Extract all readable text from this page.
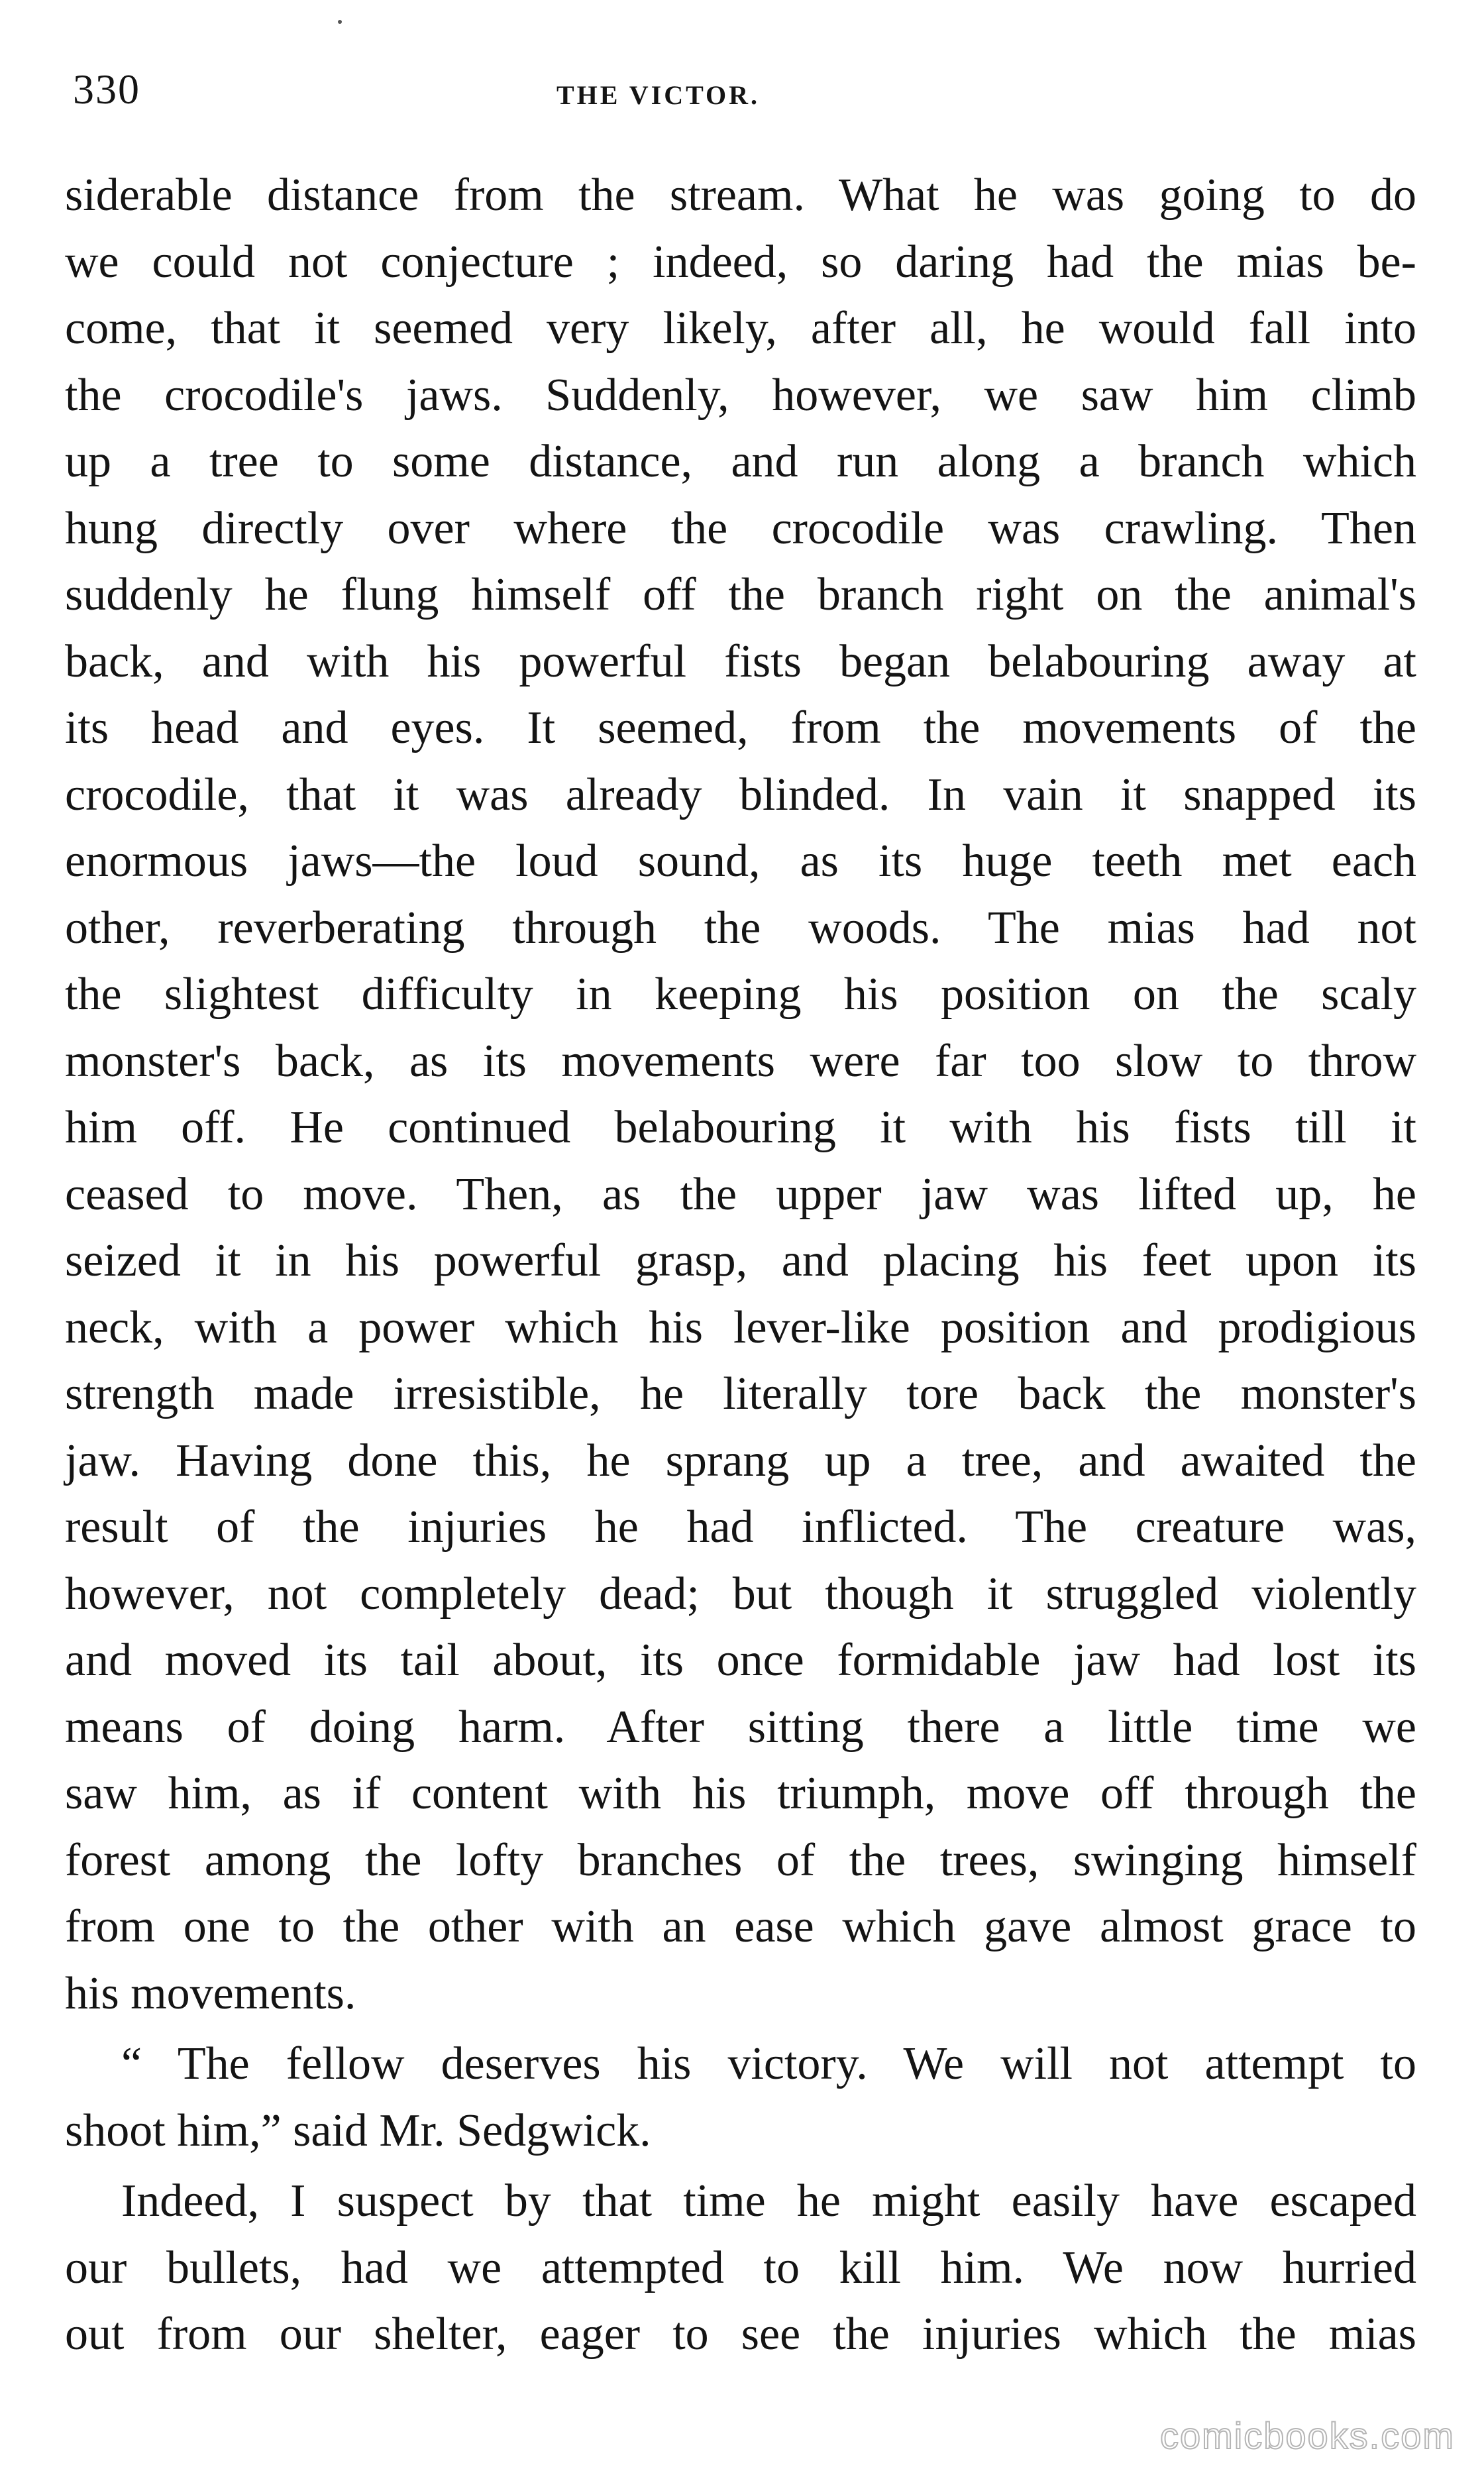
330	THE VICTOR.
siderable distance from the stream. What he was going to do
we could not conjecture ; indeed, so daring had the mias be-
come, that it seemed very likely, after all, he would fall into
the crocodile's jaws. Suddenly, however, we saw him climb
up a tree to some distance, and run along a branch which
hung directly over where the crocodile was crawling. Then
suddenly he flung himself off the branch right on the animal's
back, and with his powerful fists began belabouring away at
its head and eyes. It seemed, from the movements of the
crocodile, that it was already blinded. In vain it snapped its
enormous jaws—the loud sound, as its huge teeth met each
other, reverberating through the woods. The mias had not
the slightest difficulty in keeping his position on the scaly
monster's back, as its movements were far too slow to throw
him off. He continued belabouring it with his fists till it
ceased to move. Then, as the upper jaw was lifted up, he
seized it in his powerful grasp, and placing his feet upon its
neck, with a power which his lever-like position and prodigious
strength made irresistible, he literally tore back the monster's
jaw. Having done this, he sprang up a tree, and awaited the
result of the injuries he had inflicted. The creature was,
however, not completely dead; but though it struggled violently
and moved its tail about, its once formidable jaw had lost its
means of doing harm. After sitting there a little time we
saw him, as if content with his triumph, move off through the
forest among the lofty branches of the trees, swinging himself
from one to the other with an ease which gave almost grace to
his movements.
“ The fellow deserves his victory. We will not attempt to
shoot him,” said Mr. Sedgwick.
Indeed, I suspect by that time he might easily have escaped
our bullets, had we attempted to kill him. We now hurried
out from our shelter, eager to see the injuries which the mias
comicbooks.com
